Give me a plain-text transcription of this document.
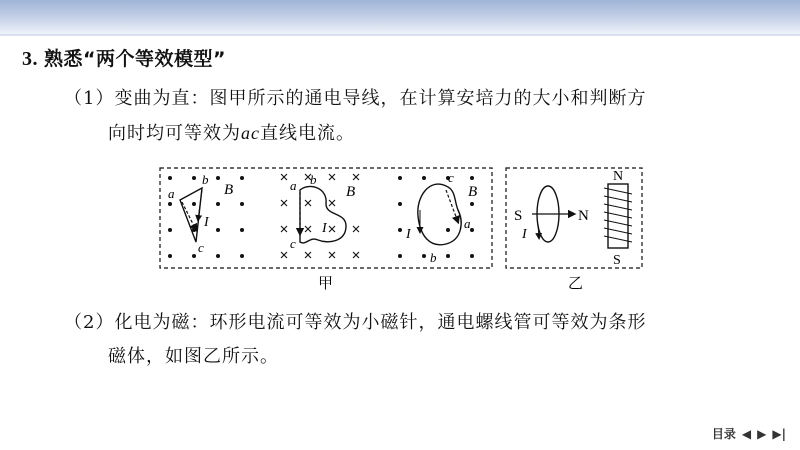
3. 熟悉“两个等效模型”
（1）变曲为直：图甲所示的通电导线，在计算安培力的大小和判断方

向时均可等效为ac直线电流。
a
b
c
I
B	a b
c
I
B
c
a
b
I
B
S	N
I
N
S
甲	乙
（2）化电为磁：环形电流可等效为小磁针，通电螺线管可等效为条形

磁体，如图乙所示。
目录 ◀ ▶ ▶|
